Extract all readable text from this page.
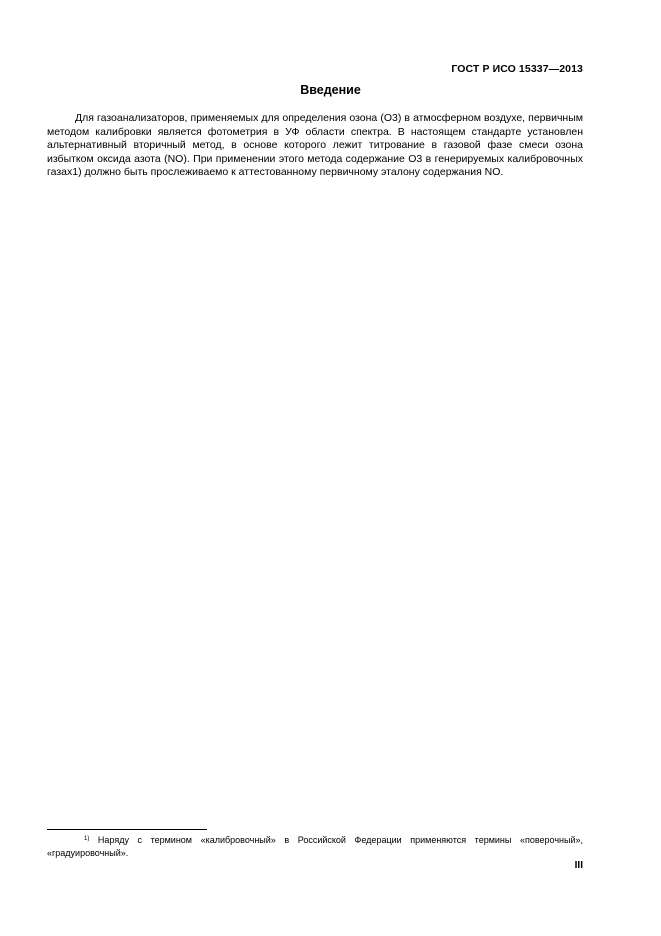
ГОСТ Р ИСО 15337—2013
Введение

Для газоанализаторов, применяемых для определения озона (О3) в атмосферном воздухе, первичным методом калибровки является фотометрия в УФ области спектра. В настоящем стандарте установлен альтернативный вторичный метод, в основе которого лежит титрование в газовой фазе смеси озона избытком оксида азота (NO). При применении этого метода содержание О3 в генерируемых калибровочных газах1) должно быть прослеживаемо к аттестованному первичному эталону содержания NO.

$^{1)}$ Наряду с термином «калибровочный» в Российской Федерации применяются термины «поверочный», «градуировочный».

III
